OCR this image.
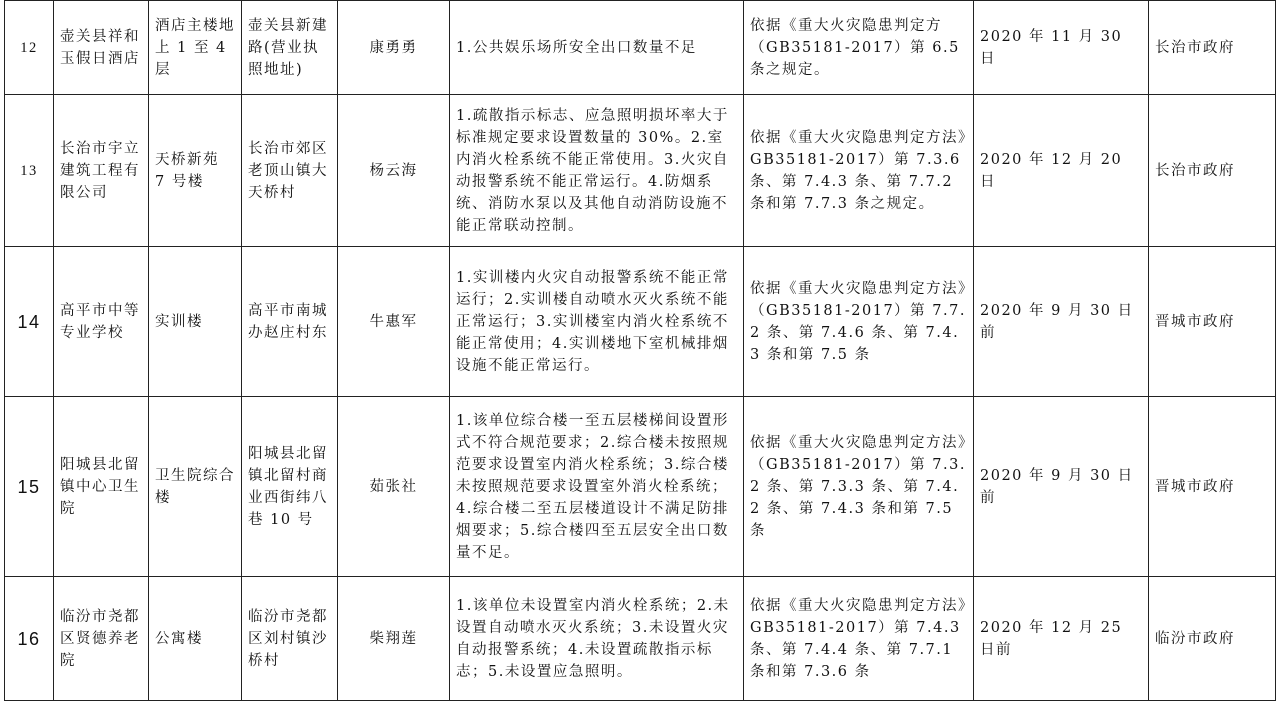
12	壶关县祥和玉假日酒店	酒店主楼地上 1 至 4 层	壶关县新建路(营业执照地址)	康勇勇	1.公共娱乐场所安全出口数量不足	依据《重大火灾隐患判定方（GB35181-2017）第 6.5 条之规定。	2020 年 11 月 30 日	长治市政府
13	长治市宇立建筑工程有限公司	天桥新苑 7 号楼	长治市郊区老顶山镇大天桥村	杨云海	1.疏散指示标志、应急照明损坏率大于标准规定要求设置数量的 30%。2.室内消火栓系统不能正常使用。3.火灾自动报警系统不能正常运行。4.防烟系统、消防水泵以及其他自动消防设施不能正常联动控制。	依据《重大火灾隐患判定方法》GB35181-2017）第 7.3.6 条、第 7.4.3 条、第 7.7.2 条和第 7.7.3 条之规定。	2020 年 12 月 20 日	长治市政府
14	高平市中等专业学校	实训楼	高平市南城办赵庄村东	牛惠军	1.实训楼内火灾自动报警系统不能正常运行；2.实训楼自动喷水灭火系统不能正常运行；3.实训楼室内消火栓系统不能正常使用；4.实训楼地下室机械排烟设施不能正常运行。	依据《重大火灾隐患判定方法》（GB35181-2017）第 7.7.2 条、第 7.4.6 条、第 7.4.3 条和第 7.5 条	2020 年 9 月 30 日前	晋城市政府
15	阳城县北留镇中心卫生院	卫生院综合楼	阳城县北留镇北留村商业西街纬八巷 10 号	茹张社	1.该单位综合楼一至五层楼梯间设置形式不符合规范要求；2.综合楼未按照规范要求设置室内消火栓系统；3.综合楼未按照规范要求设置室外消火栓系统；4.综合楼二至五层楼道设计不满足防排烟要求；5.综合楼四至五层安全出口数量不足。	依据《重大火灾隐患判定方法》（GB35181-2017）第 7.3.2 条、第 7.3.3 条、第 7.4.2 条、第 7.4.3 条和第 7.5 条	2020 年 9 月 30 日前	晋城市政府
16	临汾市尧都区贤德养老院	公寓楼	临汾市尧都区刘村镇沙桥村	柴翔莲	1.该单位未设置室内消火栓系统；2.未设置自动喷水灭火系统；3.未设置火灾自动报警系统；4.未设置疏散指示标志；5.未设置应急照明。	依据《重大火灾隐患判定方法》GB35181-2017）第 7.4.3 条、第 7.4.4 条、第 7.7.1 条和第 7.3.6 条	2020 年 12 月 25 日前	临汾市政府
